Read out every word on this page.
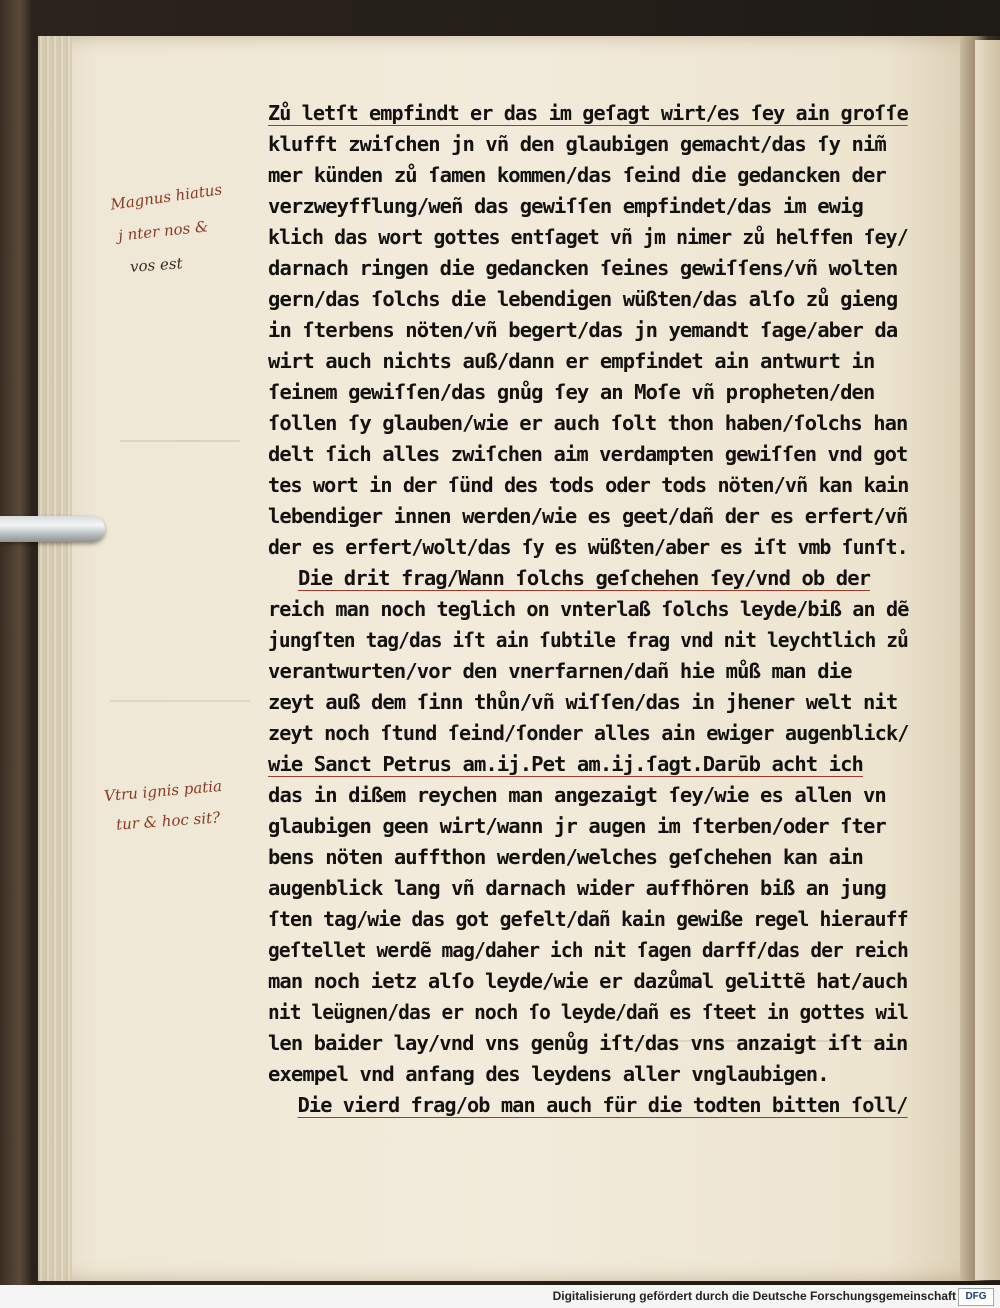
Zů letſt empfindt er das im geſagt wirt/es ſey ain groſſe
klufft zwiſchen jn vñ den glaubigen gemacht/das ſy nim̃
mer künden zů ſamen kommen/das ſeind die gedancken der
verzweyfflung/weñ das gewiſſen empfindet/das im ewig
klich das wort gottes entſaget vñ jm nimer zů helffen ſey/
darnach ringen die gedancken ſeines gewiſſens/vñ wolten
gern/das ſolchs die lebendigen wüßten/das alſo zů gieng
in ſterbens nöten/vñ begert/das jn yemandt ſage/aber da
wirt auch nichts auß/dann er empfindet ain antwurt in
ſeinem gewiſſen/das gnůg ſey an Moſe vñ propheten/den
ſollen ſy glauben/wie er auch ſolt thon haben/ſolchs han
delt ſich alles zwiſchen aim verdampten gewiſſen vnd got
tes wort in der ſünd des tods oder tods nöten/vñ kan kain
lebendiger innen werden/wie es geet/dañ der es erfert/vñ
der es erfert/wolt/das ſy es wüßten/aber es iſt vmb ſunſt.
Die drit frag/Wann ſolchs geſchehen ſey/vnd ob der
reich man noch teglich on vnterlaß ſolchs leyde/biß an dẽ
jungſten tag/das iſt ain ſubtile frag vnd nit leychtlich zů
verantwurten/vor den vnerfarnen/dañ hie můß man die
zeyt auß dem ſinn thůn/vñ wiſſen/das in jhener welt nit
zeyt noch ſtund ſeind/ſonder alles ain ewiger augenblick/
wie Sanct Petrus am.ij.Pet am.ij.ſagt.Darūb acht ich
das in dißem reychen man angezaigt ſey/wie es allen vn
glaubigen geen wirt/wann jr augen im ſterben/oder ſter
bens nöten auffthon werden/welches geſchehen kan ain
augenblick lang vñ darnach wider auffhören biß an jung
ſten tag/wie das got gefelt/dañ kain gewiße regel hierauff
geſtellet werdẽ mag/daher ich nit ſagen darff/das der reich
man noch ietz alſo leyde/wie er dazůmal gelittẽ hat/auch
nit leügnen/das er noch ſo leyde/dañ es ſteet in gottes wil
len baider lay/vnd vns genůg iſt/das vns anzaigt iſt ain
exempel vnd anfang des leydens aller vnglaubigen.
Die vierd frag/ob man auch für die todten bitten ſoll/
Magnus hiatus
j nter nos &
vos est
Vtru ignis patia
tur & hoc sit?
Digitalisierung gefördert durch die Deutsche Forschungsgemeinschaft DFG
